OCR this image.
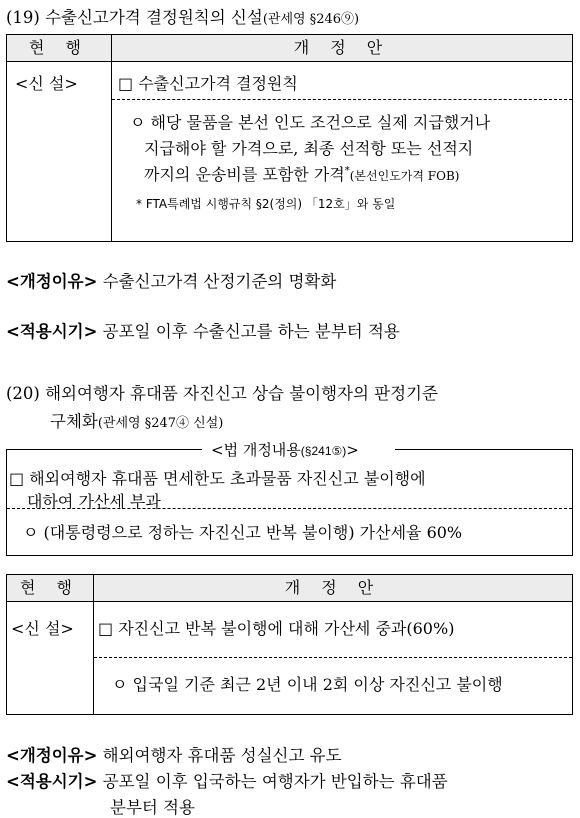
(19) 수출신고가격 결정원칙의 신설(관세영 §246⑨)
현 행	개 정 안
<신 설>	□ 수출신고가격 결정원칙

	ㅇ 해당 물품을 본선 인도 조건으로 실제 지급했거나
지급해야 할 가격으로, 최종 선적항 또는 선적지
까지의 운송비를 포함한 가격*(본선인도가격 FOB)
* FTA특례법 시행규칙 §2(정의) 「12호」와 동일
<개정이유> 수출신고가격 산정기준의 명확화
<적용시기> 공포일 이후 수출신고를 하는 분부터 적용
(20) 해외여행자 휴대품 자진신고 상습 불이행자의 판정기준
구체화(관세영 §247④ 신설)
<법 개정내용(§241⑤)>
□ 해외여행자 휴대품 면세한도 초과물품 자진신고 불이행에
대하여 가산세 부과
ㅇ (대통령령으로 정하는 자진신고 반복 불이행) 가산세율 60%
현 행	개 정 안
<신 설>	□ 자진신고 반복 불이행에 대해 가산세 중과(60%)
	ㅇ 입국일 기준 최근 2년 이내 2회 이상 자진신고 불이행
<개정이유> 해외여행자 휴대품 성실신고 유도
<적용시기> 공포일 이후 입국하는 여행자가 반입하는 휴대품
분부터 적용
